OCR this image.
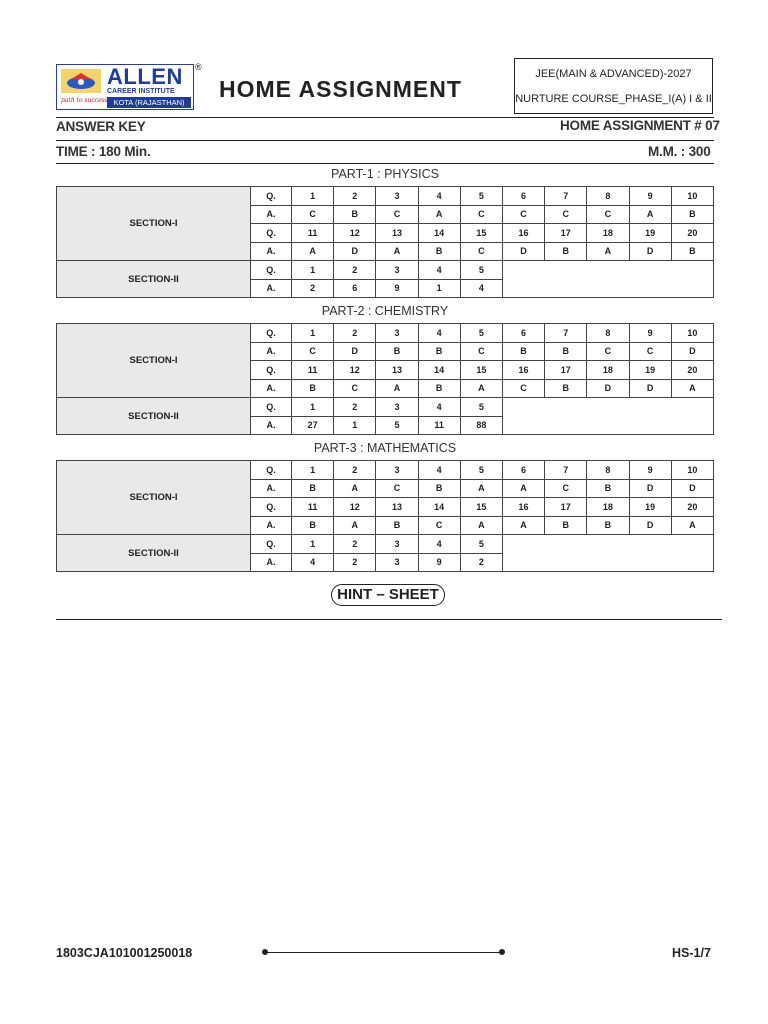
ALLEN
CAREER INSTITUTE
KOTA (RAJASTHAN)
path to success
®
HOME ASSIGNMENT
JEE(MAIN & ADVANCED)-2027
NURTURE COURSE_PHASE_I(A) I & II
ANSWER KEY	HOME ASSIGNMENT # 07
TIME : 180 Min.	M.M. : 300
PART-1 : PHYSICS
SECTION-I	Q.	1	2	3	4	5	6	7	8	9	10
	A.	C	B	C	A	C	C	C	C	A	B
	Q.	11	12	13	14	15	16	17	18	19	20
	A.	A	D	A	B	C	D	B	A	D	B
SECTION-II	Q.	1	2	3	4	5					
	A.	2	6	9	1	4					
PART-2 : CHEMISTRY
SECTION-I	Q.	1	2	3	4	5	6	7	8	9	10
	A.	C	D	B	B	C	B	B	C	C	D
	Q.	11	12	13	14	15	16	17	18	19	20
	A.	B	C	A	B	A	C	B	D	D	A
SECTION-II	Q.	1	2	3	4	5					
	A.	27	1	5	11	88					
PART-3 : MATHEMATICS
SECTION-I	Q.	1	2	3	4	5	6	7	8	9	10
	A.	B	A	C	B	A	A	C	B	D	D
	Q.	11	12	13	14	15	16	17	18	19	20
	A.	B	A	B	C	A	A	B	B	D	A
SECTION-II	Q.	1	2	3	4	5					
	A.	4	2	3	9	2					
HINT – SHEET
1803CJA101001250018	HS-1/7
